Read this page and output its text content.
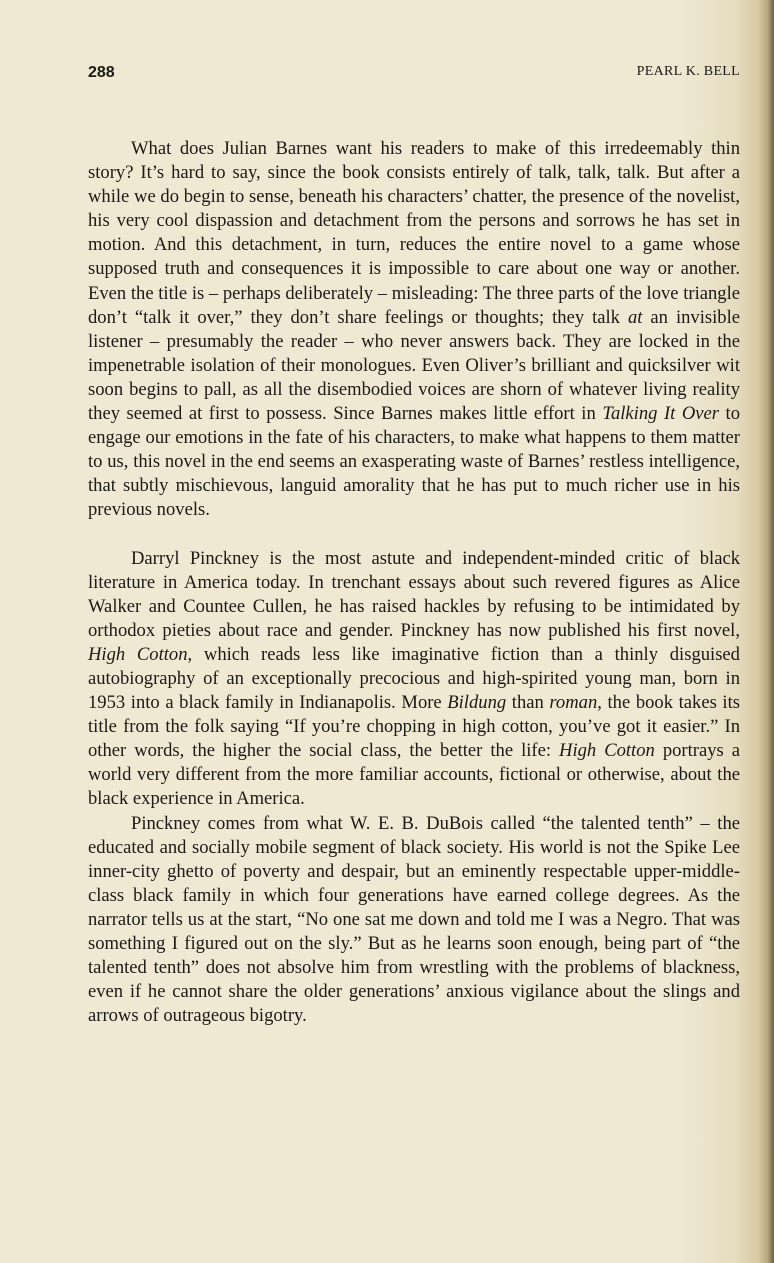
288	PEARL K. BELL

What does Julian Barnes want his readers to make of this irredeemably thin story? It’s hard to say, since the book consists entirely of talk, talk, talk. But after a while we do begin to sense, beneath his characters’ chatter, the presence of the novelist, his very cool dispassion and detachment from the persons and sorrows he has set in motion. And this detachment, in turn, reduces the entire novel to a game whose supposed truth and consequences it is impossible to care about one way or another. Even the title is – perhaps deliberately – misleading: The three parts of the love triangle don’t “talk it over,” they don’t share feelings or thoughts; they talk at an invisible listener – presumably the reader – who never answers back. They are locked in the impenetrable isolation of their monologues. Even Oliver’s brilliant and quicksilver wit soon begins to pall, as all the disembodied voices are shorn of whatever living reality they seemed at first to possess. Since Barnes makes little effort in Talking It Over to engage our emotions in the fate of his characters, to make what happens to them matter to us, this novel in the end seems an exasperating waste of Barnes’ restless intelligence, that subtly mischievous, languid amorality that he has put to much richer use in his previous novels.

Darryl Pinckney is the most astute and independent-minded critic of black literature in America today. In trenchant essays about such revered figures as Alice Walker and Countee Cullen, he has raised hackles by refusing to be intimidated by orthodox pieties about race and gender. Pinckney has now published his first novel, High Cotton, which reads less like imaginative fiction than a thinly disguised autobiography of an exceptionally precocious and high-spirited young man, born in 1953 into a black family in Indianapolis. More Bildung than roman, the book takes its title from the folk saying “If you’re chopping in high cotton, you’ve got it easier.” In other words, the higher the social class, the better the life: High Cotton portrays a world very different from the more familiar accounts, fictional or otherwise, about the black experience in America.

Pinckney comes from what W. E. B. DuBois called “the talented tenth” – the educated and socially mobile segment of black society. His world is not the Spike Lee inner-city ghetto of poverty and despair, but an eminently respectable upper-middle-class black family in which four generations have earned college degrees. As the narrator tells us at the start, “No one sat me down and told me I was a Negro. That was something I figured out on the sly.” But as he learns soon enough, being part of “the talented tenth” does not absolve him from wrestling with the problems of blackness, even if he cannot share the older generations’ anxious vigilance about the slings and arrows of outrageous bigotry.
